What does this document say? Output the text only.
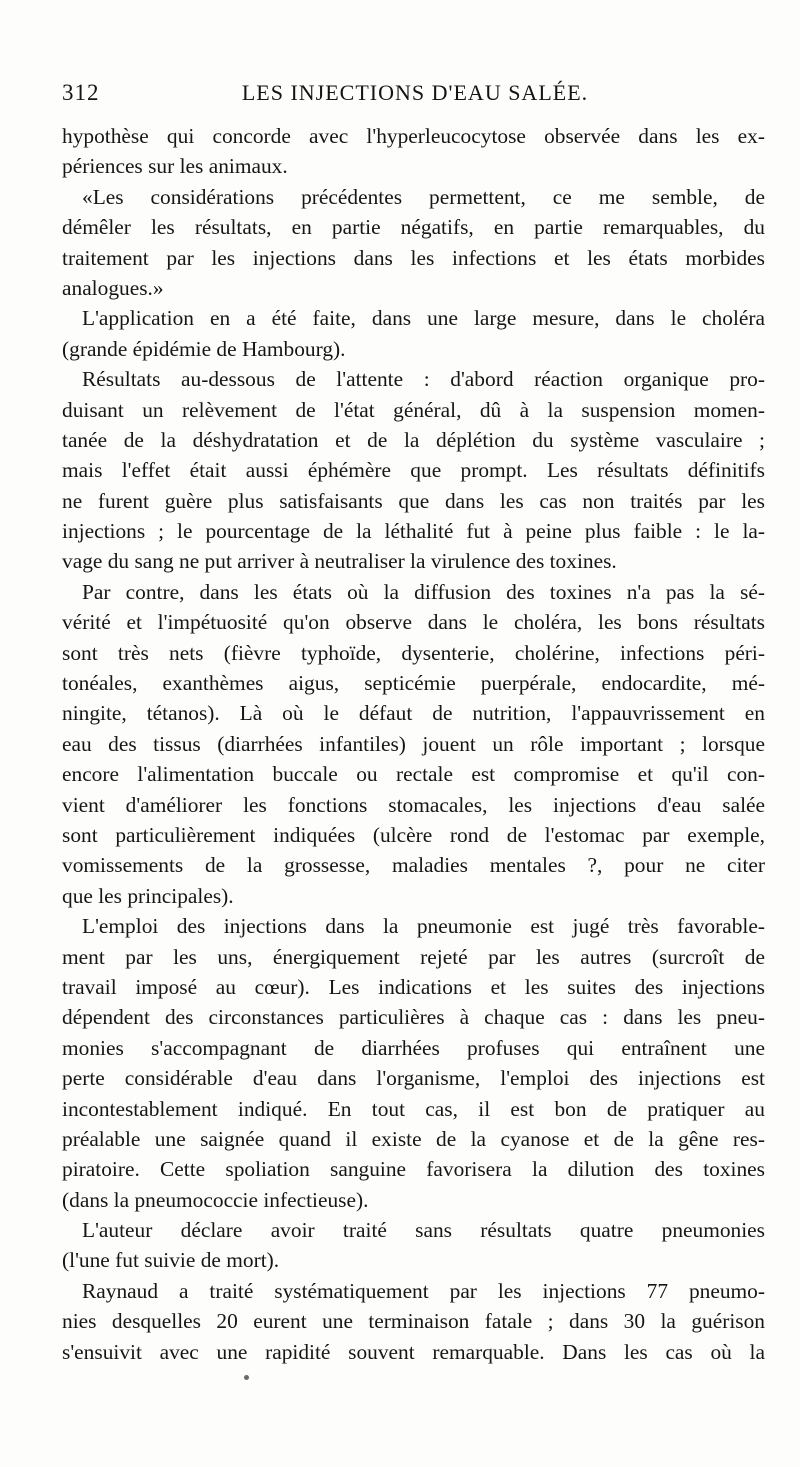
312	LES INJECTIONS D'EAU SALÉE.
hypothèse qui concorde avec l'hyperleucocytose observée dans les ex-
périences sur les animaux.
«Les considérations précédentes permettent, ce me semble, de
démêler les résultats, en partie négatifs, en partie remarquables, du
traitement par les injections dans les infections et les états morbides
analogues.»
L'application en a été faite, dans une large mesure, dans le choléra
(grande épidémie de Hambourg).
Résultats au-dessous de l'attente : d'abord réaction organique pro-
duisant un relèvement de l'état général, dû à la suspension momen-
tanée de la déshydratation et de la déplétion du système vasculaire ;
mais l'effet était aussi éphémère que prompt. Les résultats définitifs
ne furent guère plus satisfaisants que dans les cas non traités par les
injections ; le pourcentage de la léthalité fut à peine plus faible : le la-
vage du sang ne put arriver à neutraliser la virulence des toxines.
Par contre, dans les états où la diffusion des toxines n'a pas la sé-
vérité et l'impétuosité qu'on observe dans le choléra, les bons résultats
sont très nets (fièvre typhoïde, dysenterie, cholérine, infections péri-
tonéales, exanthèmes aigus, septicémie puerpérale, endocardite, mé-
ningite, tétanos). Là où le défaut de nutrition, l'appauvrissement en
eau des tissus (diarrhées infantiles) jouent un rôle important ; lorsque
encore l'alimentation buccale ou rectale est compromise et qu'il con-
vient d'améliorer les fonctions stomacales, les injections d'eau salée
sont particulièrement indiquées (ulcère rond de l'estomac par exemple,
vomissements de la grossesse, maladies mentales ?, pour ne citer
que les principales).
L'emploi des injections dans la pneumonie est jugé très favorable-
ment par les uns, énergiquement rejeté par les autres (surcroît de
travail imposé au cœur). Les indications et les suites des injections
dépendent des circonstances particulières à chaque cas : dans les pneu-
monies s'accompagnant de diarrhées profuses qui entraînent une
perte considérable d'eau dans l'organisme, l'emploi des injections est
incontestablement indiqué. En tout cas, il est bon de pratiquer au
préalable une saignée quand il existe de la cyanose et de la gêne res-
piratoire. Cette spoliation sanguine favorisera la dilution des toxines
(dans la pneumococcie infectieuse).
L'auteur déclare avoir traité sans résultats quatre pneumonies
(l'une fut suivie de mort).
Raynaud a traité systématiquement par les injections 77 pneumo-
nies desquelles 20 eurent une terminaison fatale ; dans 30 la guérison
s'ensuivit avec une rapidité souvent remarquable. Dans les cas où la
